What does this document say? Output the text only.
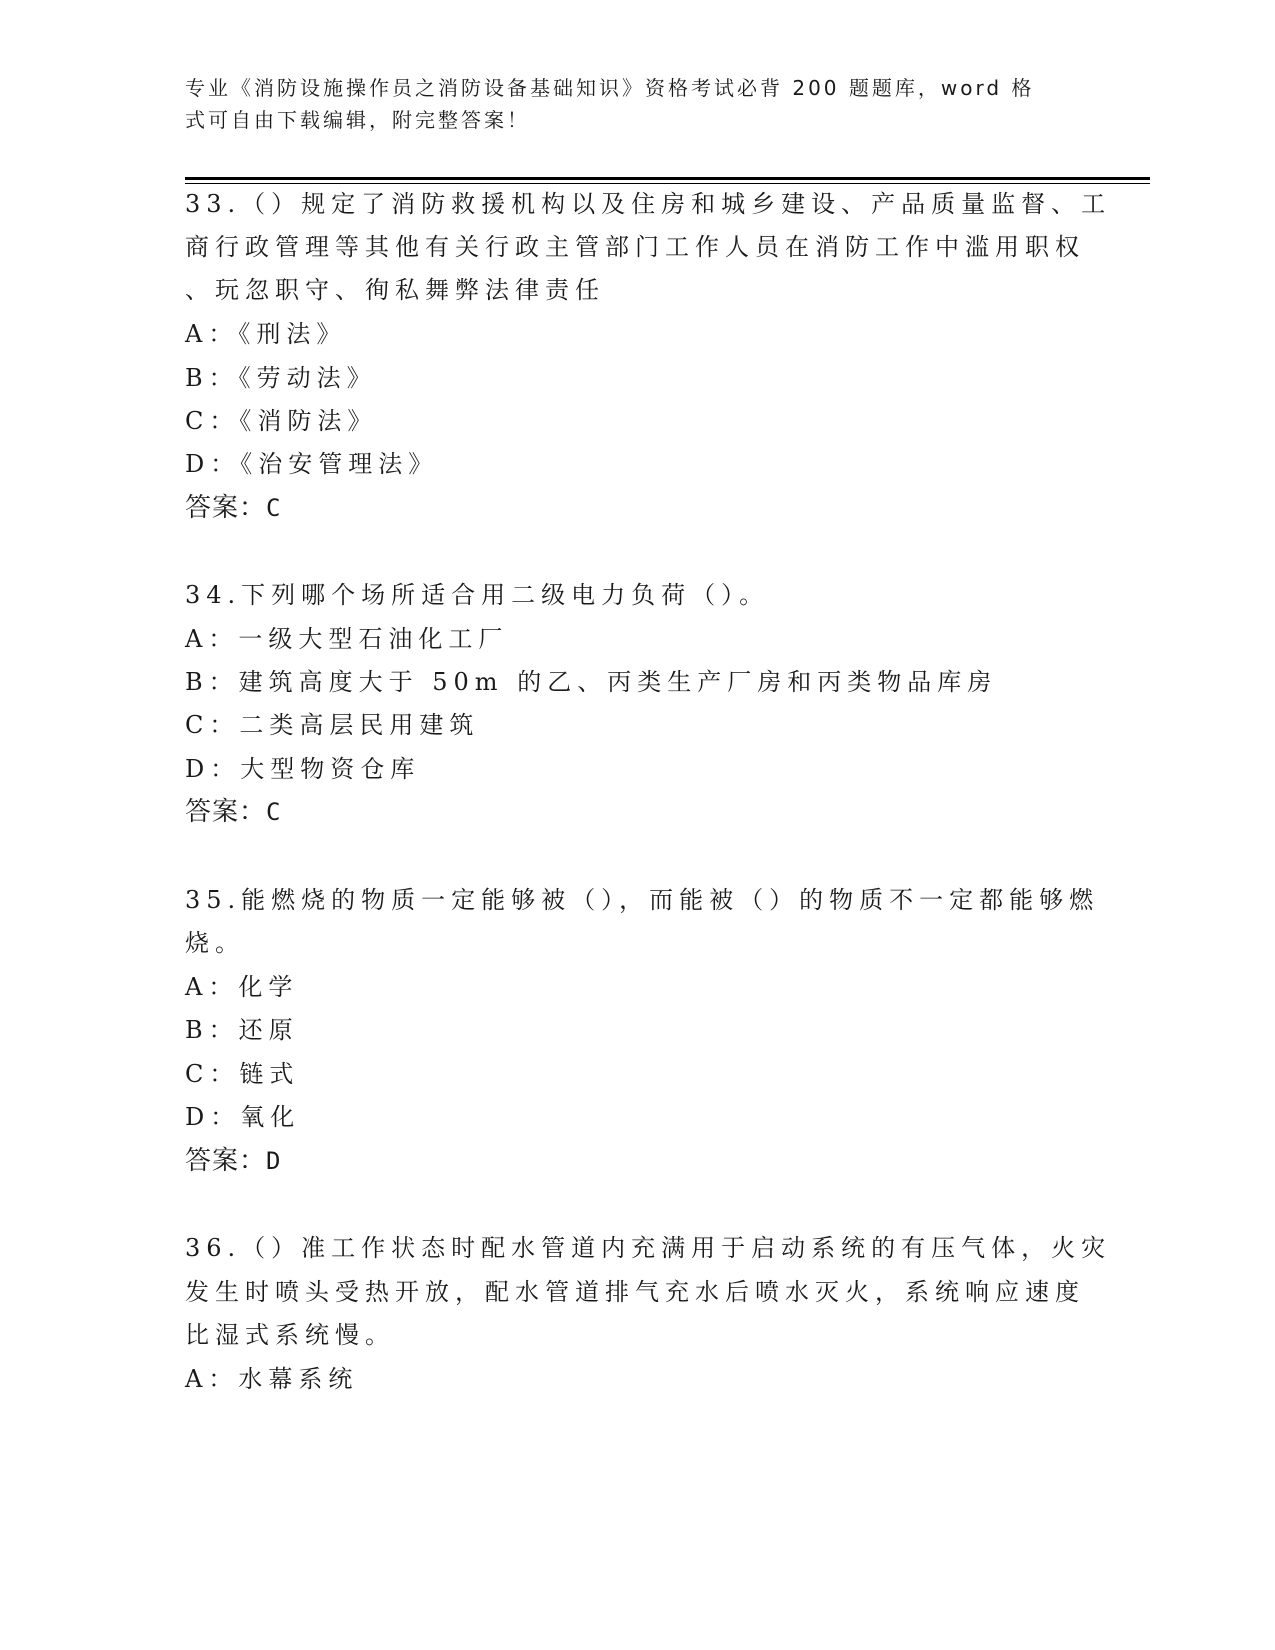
专业《消防设施操作员之消防设备基础知识》资格考试必背 200 题题库，word 格
式可自由下载编辑，附完整答案！
33.（）规定了消防救援机构以及住房和城乡建设、产品质量监督、工
商行政管理等其他有关行政主管部门工作人员在消防工作中滥用职权
、玩忽职守、徇私舞弊法律责任
A：《刑法》
B：《劳动法》
C：《消防法》
D：《治安管理法》
答案：C
34.下列哪个场所适合用二级电力负荷（）。
A：一级大型石油化工厂
B：建筑高度大于 50m 的乙、丙类生产厂房和丙类物品库房
C：二类高层民用建筑
D：大型物资仓库
答案：C
35.能燃烧的物质一定能够被（），而能被（）的物质不一定都能够燃
烧。
A：化学
B：还原
C：链式
D：氧化
答案：D
36.（）准工作状态时配水管道内充满用于启动系统的有压气体，火灾
发生时喷头受热开放，配水管道排气充水后喷水灭火，系统响应速度
比湿式系统慢。
A：水幕系统
